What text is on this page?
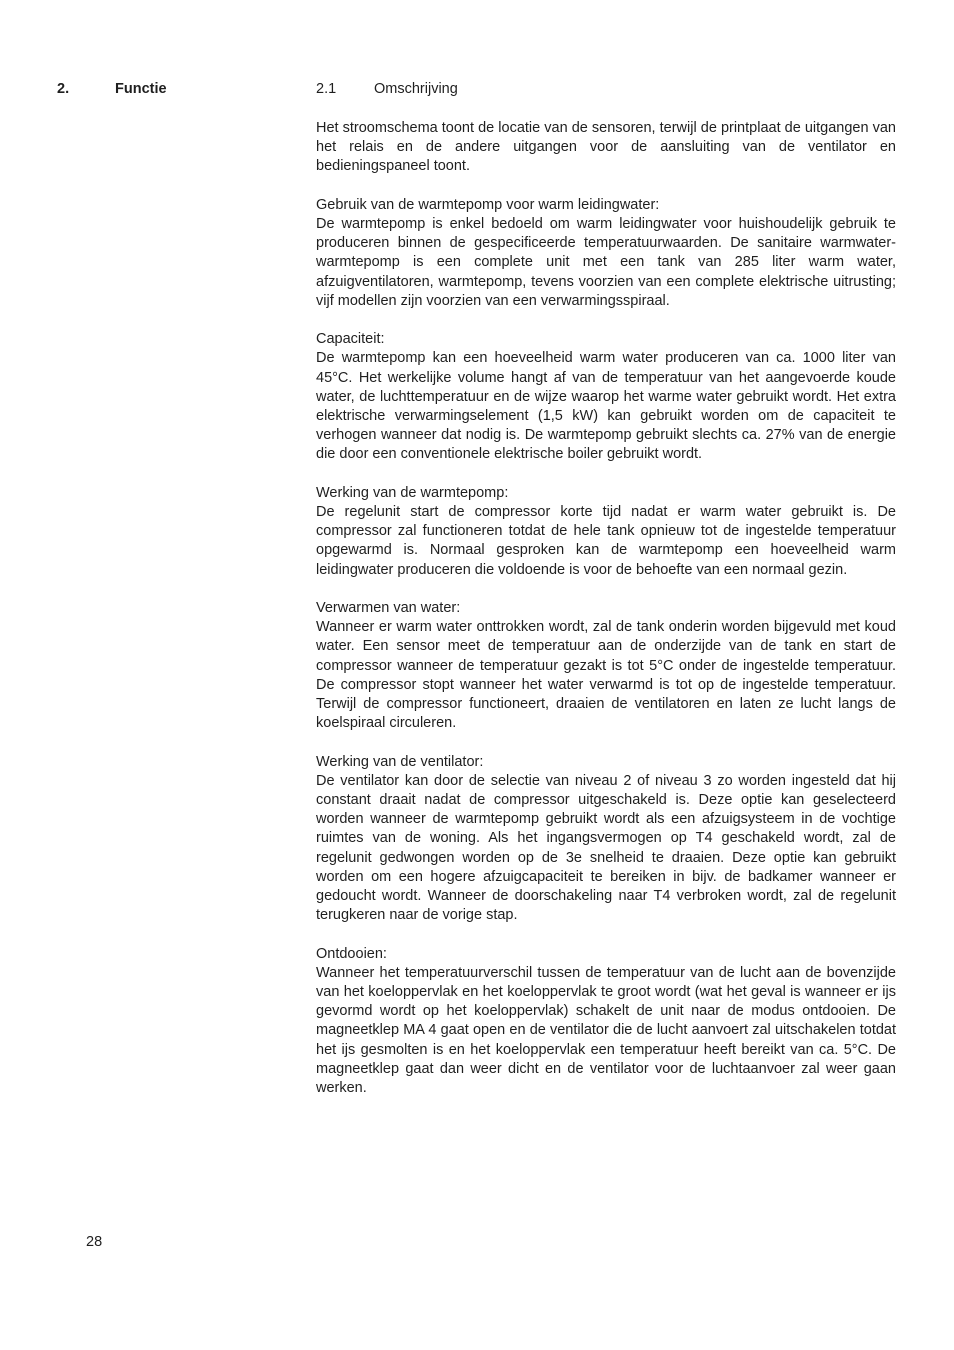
2.	Functie	2.1	Omschrijving

Het stroomschema toont de locatie van de sensoren, terwijl de printplaat de uitgangen van het relais en de andere uitgangen voor de aansluiting van de ventilator en bedieningspaneel toont.

Gebruik van de warmtepomp voor warm leidingwater:
De warmtepomp is enkel bedoeld om warm leidingwater voor huishoudelijk gebruik te produceren binnen de gespecificeerde temperatuurwaarden. De sanitaire warmwater-warmtepomp is een complete unit met een tank van 285 liter warm water, afzuigventilatoren, warmtepomp, tevens voorzien van een complete elektrische uitrusting; vijf modellen zijn voorzien van een verwarmingsspiraal.
Capaciteit:
De warmtepomp kan een hoeveelheid warm water produceren van ca. 1000 liter van 45°C. Het werkelijke volume hangt af van de temperatuur van het aangevoerde koude water, de luchttemperatuur en de wijze waarop het warme water gebruikt wordt. Het extra elektrische verwarmingselement (1,5 kW) kan gebruikt worden om de capaciteit te verhogen wanneer dat nodig is. De warmtepomp gebruikt slechts ca. 27% van de energie die door een conventionele elektrische boiler gebruikt wordt.
Werking van de warmtepomp:
De regelunit start de compressor korte tijd nadat er warm water gebruikt is. De compressor zal functioneren totdat de hele tank opnieuw tot de ingestelde temperatuur opgewarmd is. Normaal gesproken kan de warmtepomp een hoeveelheid warm leidingwater produceren die voldoende is voor de behoefte van een normaal gezin.
Verwarmen van water:
Wanneer er warm water onttrokken wordt, zal de tank onderin worden bijgevuld met koud water. Een sensor meet de temperatuur aan de onderzijde van de tank en start de compressor wanneer de temperatuur gezakt is tot 5°C onder de ingestelde temperatuur. De compressor stopt wanneer het water verwarmd is tot op de ingestelde temperatuur. Terwijl de compressor functioneert, draaien de ventilatoren en laten ze lucht langs de koelspiraal circuleren.
Werking van de ventilator:
De ventilator kan door de selectie van niveau 2 of niveau 3 zo worden ingesteld dat hij constant draait nadat de compressor uitgeschakeld is. Deze optie kan geselecteerd worden wanneer de warmtepomp gebruikt wordt als een afzuigsysteem in de vochtige ruimtes van de woning. Als het ingangsvermogen op T4 geschakeld wordt, zal de regelunit gedwongen worden op de 3e snelheid te draaien. Deze optie kan gebruikt worden om een hogere afzuigcapaciteit te bereiken in bijv. de badkamer wanneer er gedoucht wordt. Wanneer de doorschakeling naar T4 verbroken wordt, zal de regelunit terugkeren naar de vorige stap.
Ontdooien:
Wanneer het temperatuurverschil tussen de temperatuur van de lucht aan de bovenzijde van het koeloppervlak en het koeloppervlak te groot wordt (wat het geval is wanneer er ijs gevormd wordt op het koeloppervlak) schakelt de unit naar de modus ontdooien. De magneetklep MA 4 gaat open en de ventilator die de lucht aanvoert zal uitschakelen totdat het ijs gesmolten is en het koeloppervlak een temperatuur heeft bereikt van ca. 5°C. De magneetklep gaat dan weer dicht en de ventilator voor de luchtaanvoer zal weer gaan werken.
28
